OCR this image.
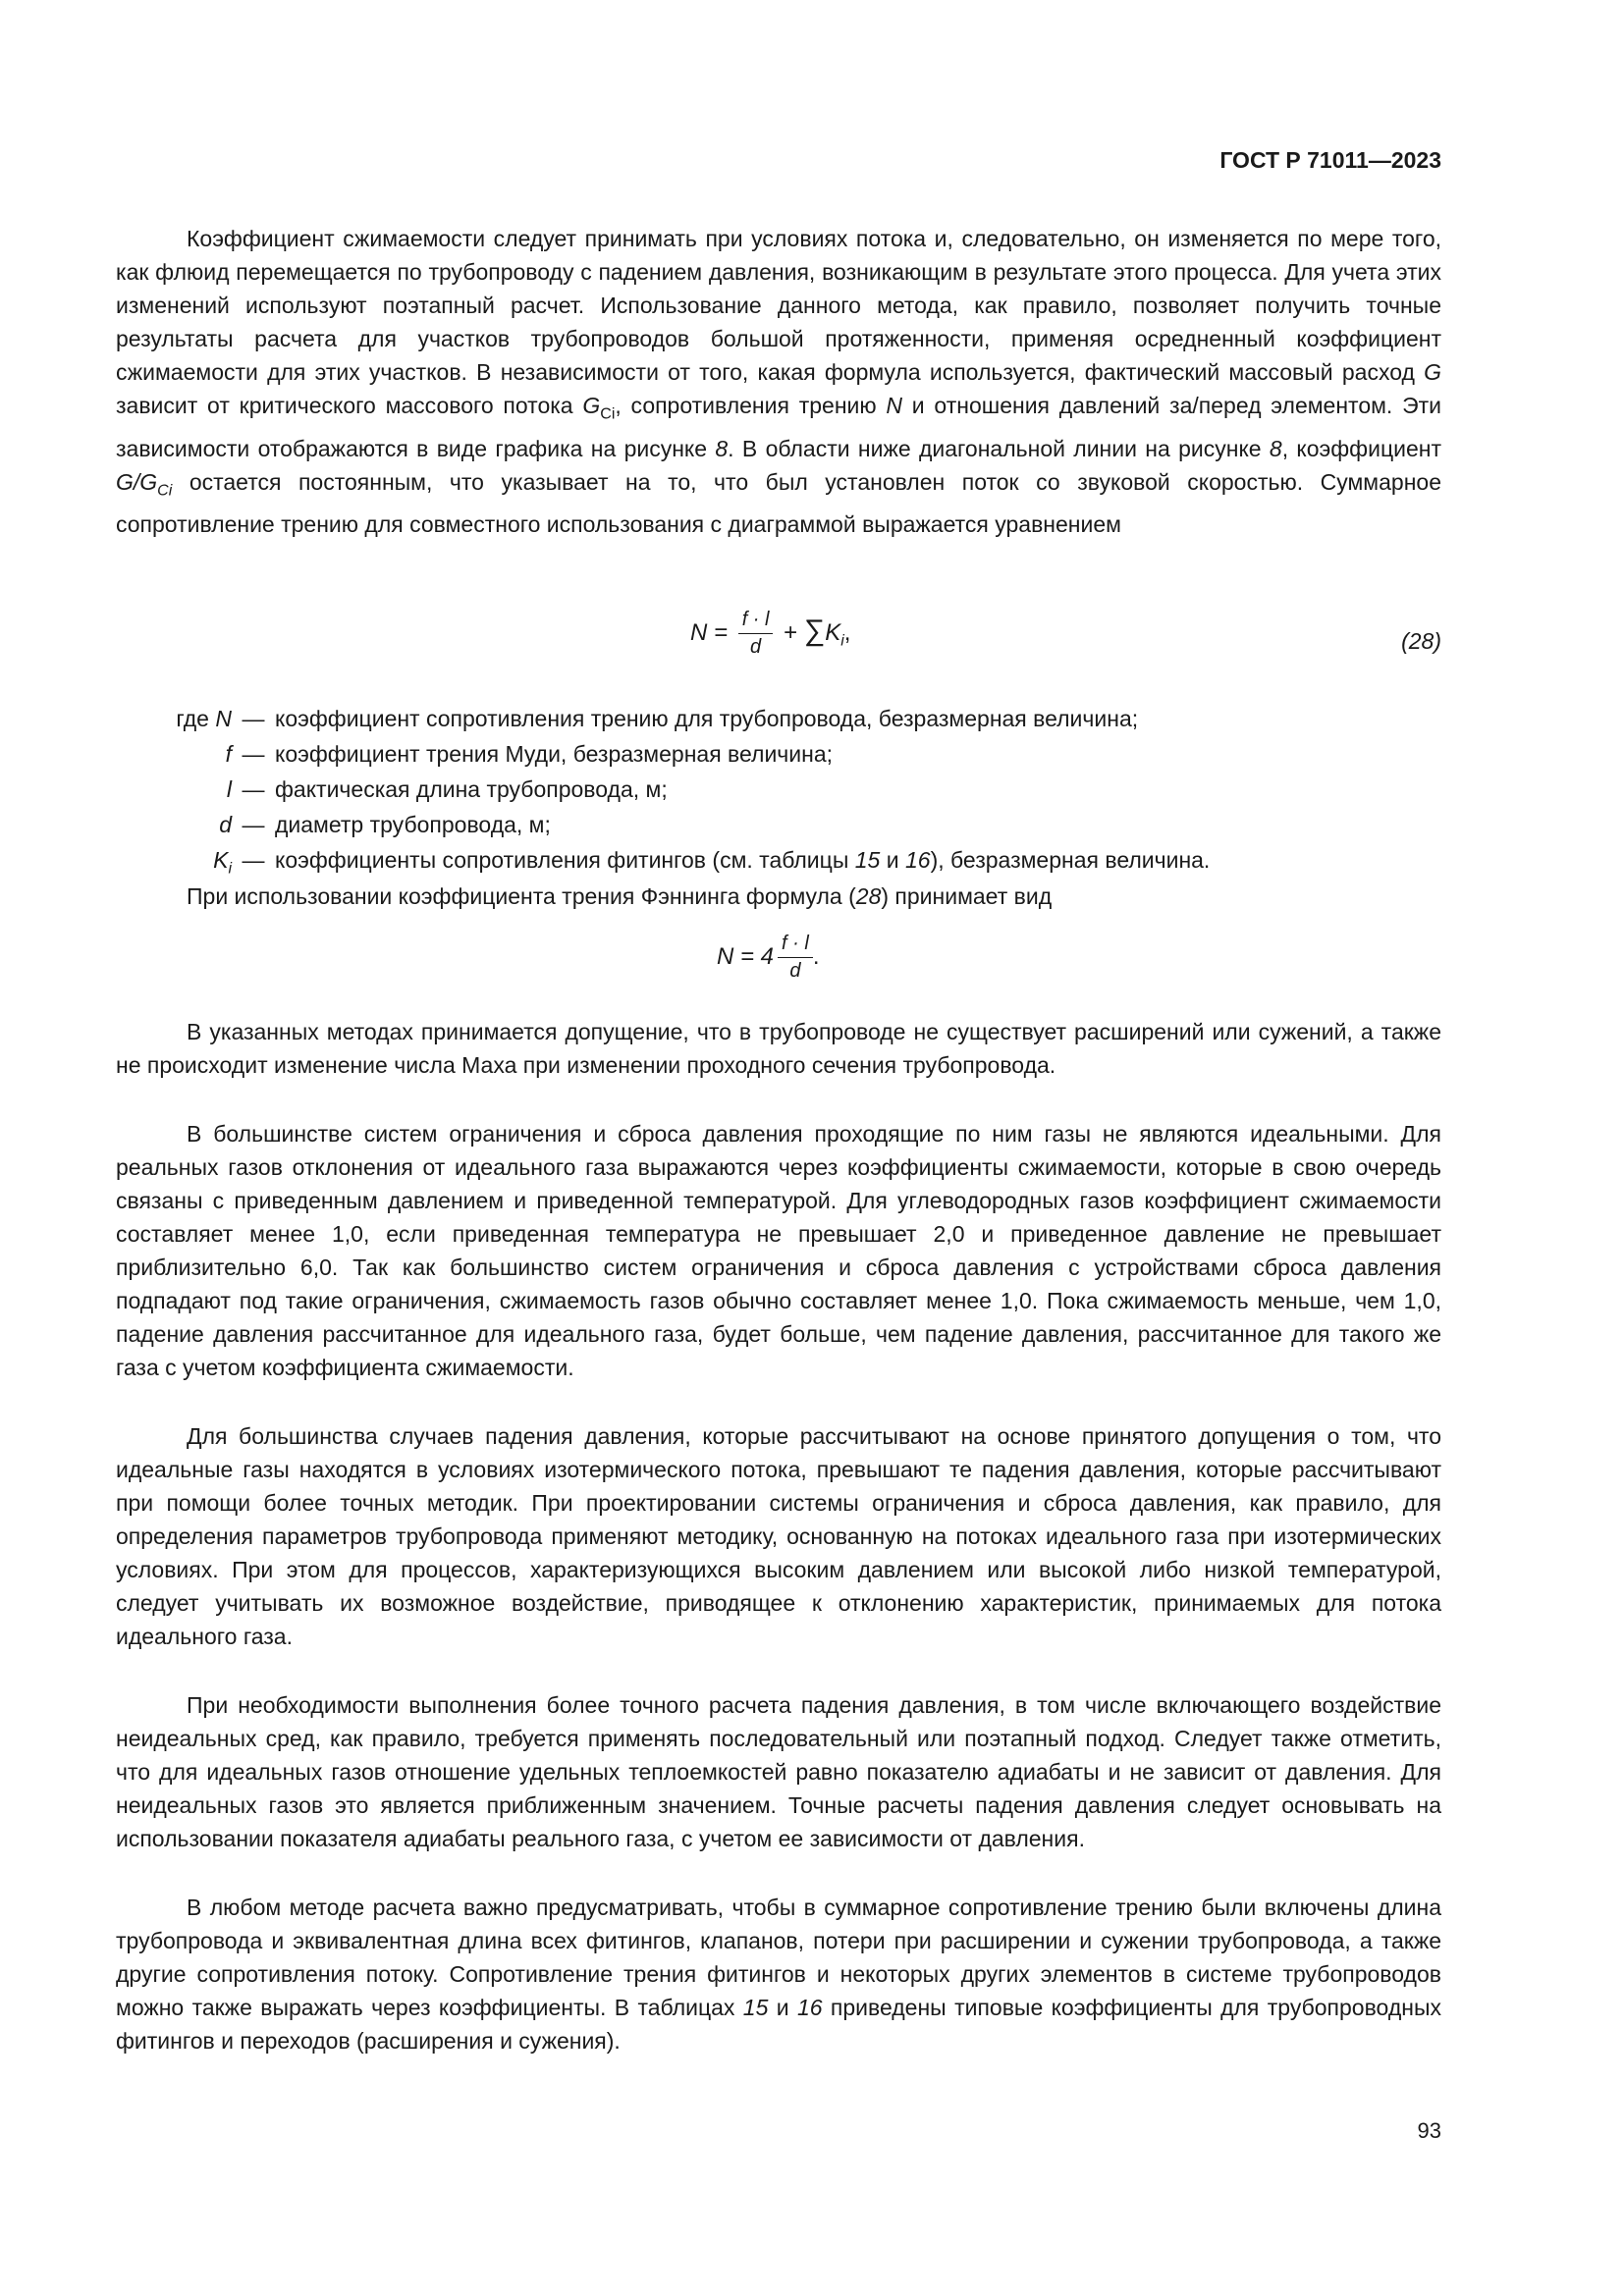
ГОСТ Р 71011—2023

Коэффициент сжимаемости следует принимать при условиях потока и, следовательно, он изменяется по мере того, как флюид перемещается по трубопроводу с падением давления, возникающим в результате этого процесса. Для учета этих изменений используют поэтапный расчет. Использование данного метода, как правило, позволяет получить точные результаты расчета для участков трубопроводов большой протяженности, применяя осредненный коэффициент сжимаемости для этих участков. В независимости от того, какая формула используется, фактический массовый расход G зависит от критического массового потока $G_{Ci}$, сопротивления трению N и отношения давлений за/перед элементом. Эти зависимости отображаются в виде графика на рисунке 8. В области ниже диагональной линии на рисунке 8, коэффициент $G/G_{Ci}$ остается постоянным, что указывает на то, что был установлен поток со звуковой скоростью. Суммарное сопротивление трению для совместного использования с диаграммой выражается уравнением

$N = \frac{f \cdot l}{d} + \sum K_i$,	(28)
где N — коэффициент сопротивления трению для трубопровода, безразмерная величина;
f — коэффициент трения Муди, безразмерная величина;
l — фактическая длина трубопровода, м;
d — диаметр трубопровода, м;
$K_i$ — коэффициенты сопротивления фитингов (см. таблицы 15 и 16), безразмерная величина.

При использовании коэффициента трения Фэннинга формула (28) принимает вид

$N = 4 \frac{f \cdot l}{d}$ .

В указанных методах принимается допущение, что в трубопроводе не существует расширений или сужений, а также не происходит изменение числа Маха при изменении проходного сечения трубопровода.

В большинстве систем ограничения и сброса давления проходящие по ним газы не являются идеальными. Для реальных газов отклонения от идеального газа выражаются через коэффициенты сжимаемости, которые в свою очередь связаны с приведенным давлением и приведенной температурой. Для углеводородных газов коэффициент сжимаемости составляет менее 1,0, если приведенная температура не превышает 2,0 и приведенное давление не превышает приблизительно 6,0. Так как большинство систем ограничения и сброса давления с устройствами сброса давления подпадают под такие ограничения, сжимаемость газов обычно составляет менее 1,0. Пока сжимаемость меньше, чем 1,0, падение давления рассчитанное для идеального газа, будет больше, чем падение давления, рассчитанное для такого же газа с учетом коэффициента сжимаемости.

Для большинства случаев падения давления, которые рассчитывают на основе принятого допущения о том, что идеальные газы находятся в условиях изотермического потока, превышают те падения давления, которые рассчитывают при помощи более точных методик. При проектировании системы ограничения и сброса давления, как правило, для определения параметров трубопровода применяют методику, основанную на потоках идеального газа при изотермических условиях. При этом для процессов, характеризующихся высоким давлением или высокой либо низкой температурой, следует учитывать их возможное воздействие, приводящее к отклонению характеристик, принимаемых для потока идеального газа.

При необходимости выполнения более точного расчета падения давления, в том числе включающего воздействие неидеальных сред, как правило, требуется применять последовательный или поэтапный подход. Следует также отметить, что для идеальных газов отношение удельных теплоемкостей равно показателю адиабаты и не зависит от давления. Для неидеальных газов это является приближенным значением. Точные расчеты падения давления следует основывать на использовании показателя адиабаты реального газа, с учетом ее зависимости от давления.

В любом методе расчета важно предусматривать, чтобы в суммарное сопротивление трению были включены длина трубопровода и эквивалентная длина всех фитингов, клапанов, потери при расширении и сужении трубопровода, а также другие сопротивления потоку. Сопротивление трения фитингов и некоторых других элементов в системе трубопроводов можно также выражать через коэффициенты. В таблицах 15 и 16 приведены типовые коэффициенты для трубопроводных фитингов и переходов (расширения и сужения).

93
